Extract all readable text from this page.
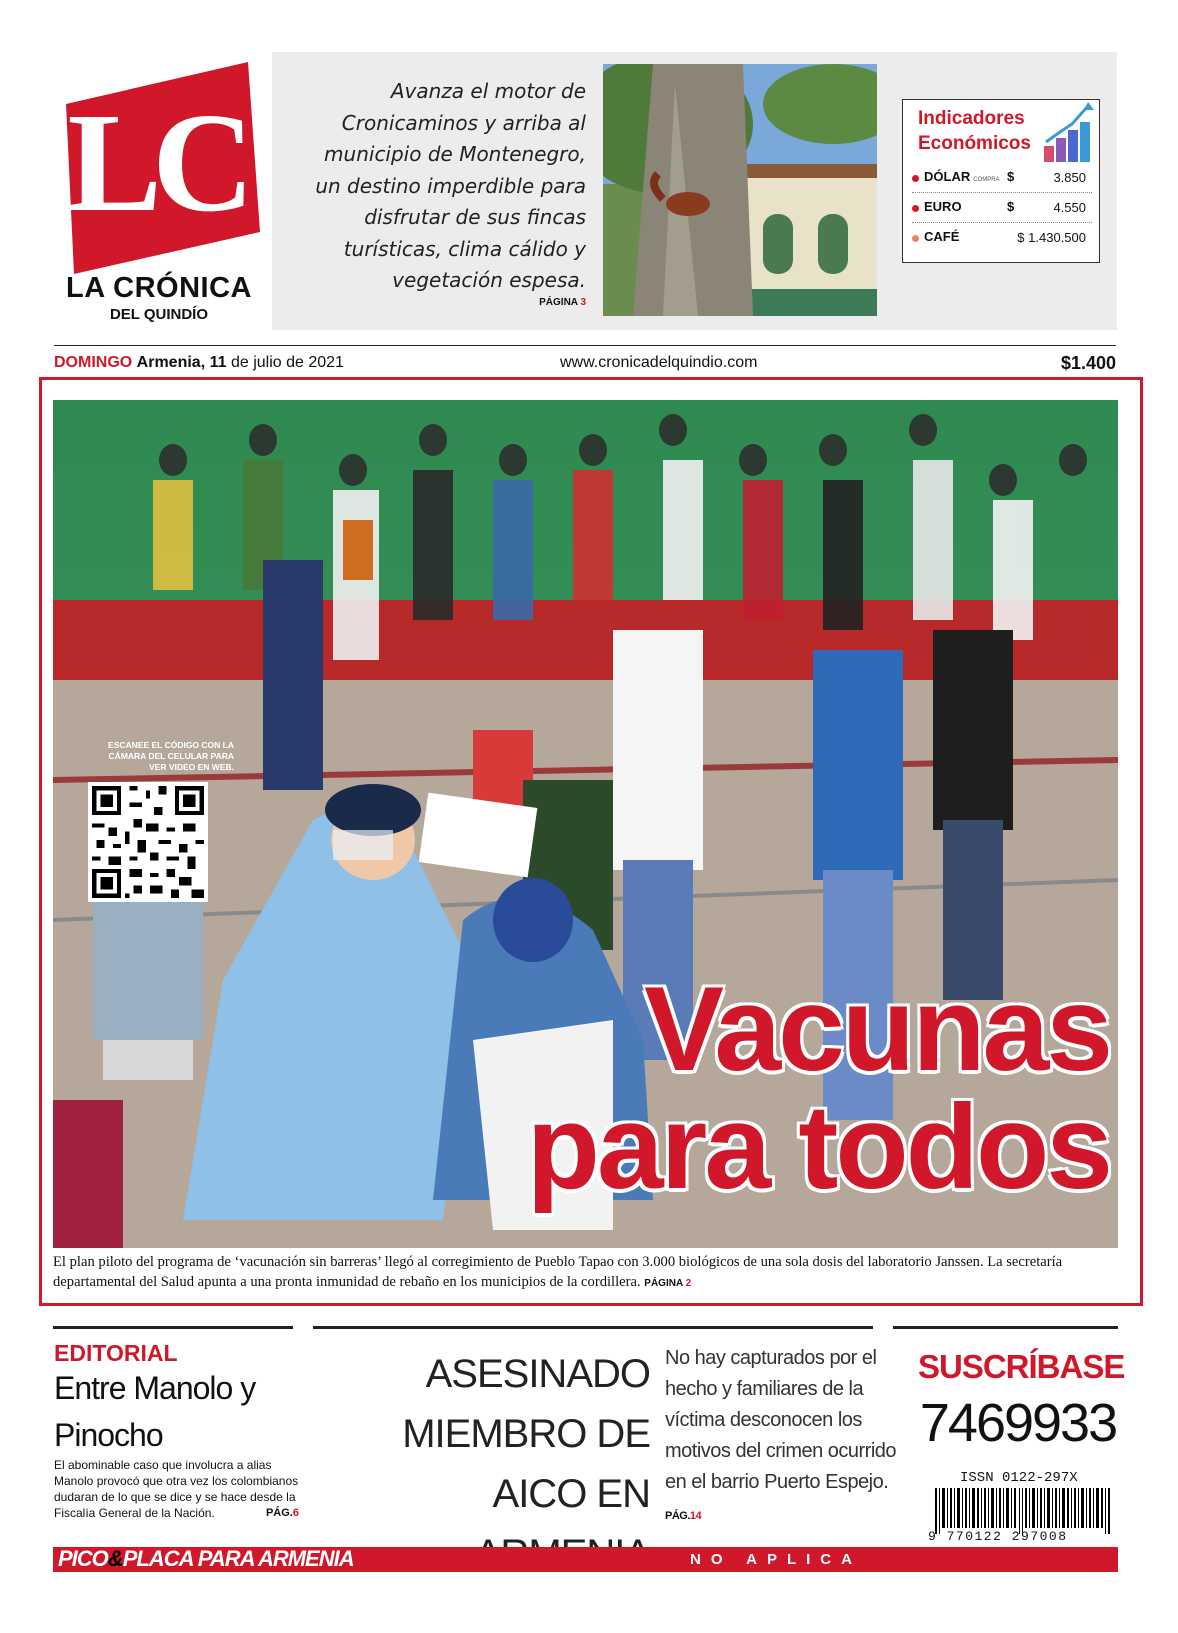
LC
LA CRÓNICA
DEL QUINDÍO
Avanza el motor de Cronicaminos y arriba al municipio de Montenegro, un destino imperdible para disfrutar de sus fincas turísticas, clima cálido y vegetación espesa.
PÁGINA 3
Indicadores
Económicos
DÓLAR COMPRA $	3.850
EURO	$	4.550
CAFÉ	$ 1.430.500
DOMINGO Armenia, 11 de julio de 2021	www.cronicadelquindio.com	$1.400
ESCANEE EL CÓDIGO CON LA CÁMARA DEL CELULAR PARA VER VIDEO EN WEB.
JOHN JOLMES CARDONA NÚÑEZ / LA CRÓNICA DIGITAL	Vacunas
para todos
El plan piloto del programa de ‘vacunación sin barreras’ llegó al corregimiento de Pueblo Tapao con 3.000 biológicos de una sola dosis del laboratorio Janssen. La secretaría departamental del Salud apunta a una pronta inmunidad de rebaño en los municipios de la cordillera. PÁGINA 2
EDITORIAL
Entre Manolo y Pinocho
El abominable caso que involucra a alias Manolo provocó que otra vez los colombianos dudaran de lo que se dice y se hace desde la Fiscalía General de la Nación.	PÁG.6
ASESINADO MIEMBRO DE AICO EN
No hay capturados por el hecho y familiares de la víctima desconocen los motivos del crimen ocurrido en el barrio Puerto Espejo. PÁG.14
SUSCRÍBASE
7469933
ISSN 0122-297X
9 770122 297008
PICO&PLACA PARA ARMENIA	NO APLICA
